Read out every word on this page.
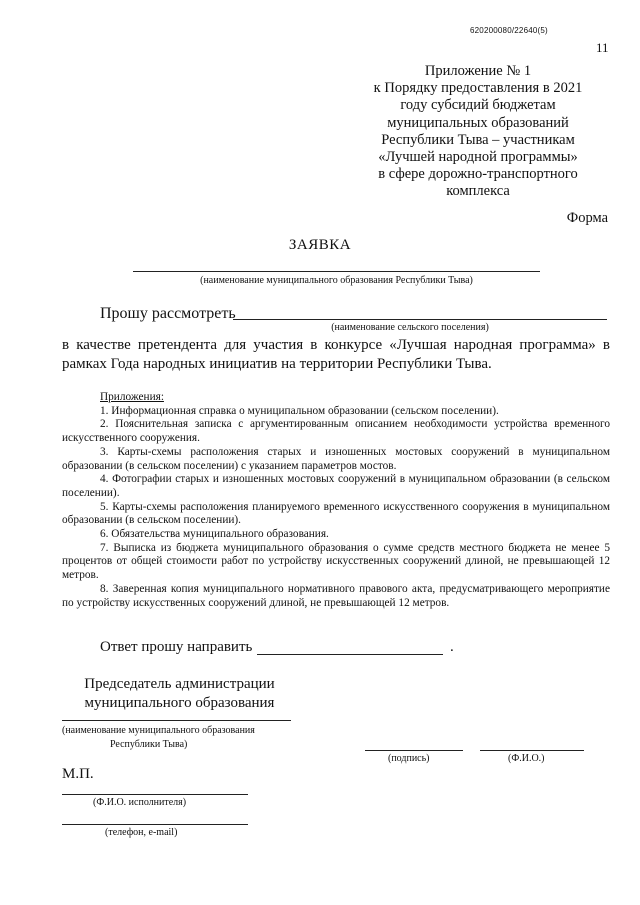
620200080/22640(5)
11
Приложение № 1
к Порядку предоставления в 2021
году субсидий бюджетам
муниципальных образований
Республики Тыва – участникам
«Лучшей народной программы»
в сфере дорожно-транспортного
комплекса
Форма
ЗАЯВКА
(наименование муниципального образования Республики Тыва)
Прошу рассмотреть
(наименование сельского поселения)
в качестве претендента для участия в конкурсе «Лучшая народная программа» в
рамках Года народных инициатив на территории Республики Тыва.
Приложения:
1. Информационная справка о муниципальном образовании (сельском поселении).
2. Пояснительная записка с аргументированным описанием необходимости устройства временного искусственного сооружения.
3. Карты-схемы расположения старых и изношенных мостовых сооружений в муниципальном образовании (в сельском поселении) с указанием параметров мостов.
4. Фотографии старых и изношенных мостовых сооружений в муниципальном образовании (в сельском поселении).
5. Карты-схемы расположения планируемого временного искусственного сооружения в муниципальном образовании (в сельском поселении).
6. Обязательства муниципального образования.
7. Выписка из бюджета муниципального образования о сумме средств местного бюджета не менее 5 процентов от общей стоимости работ по устройству искусственных сооружений длиной, не превышающей 12 метров.
8. Заверенная копия муниципального нормативного правового акта, предусматривающего мероприятие по устройству искусственных сооружений длиной, не превышающей 12 метров.
Ответ прошу направить	.
Председатель администрации
муниципального образования
(наименование муниципального образования
Республики Тыва)
(подпись)	(Ф.И.О.)
М.П.
(Ф.И.О. исполнителя)
(телефон, e-mail)
